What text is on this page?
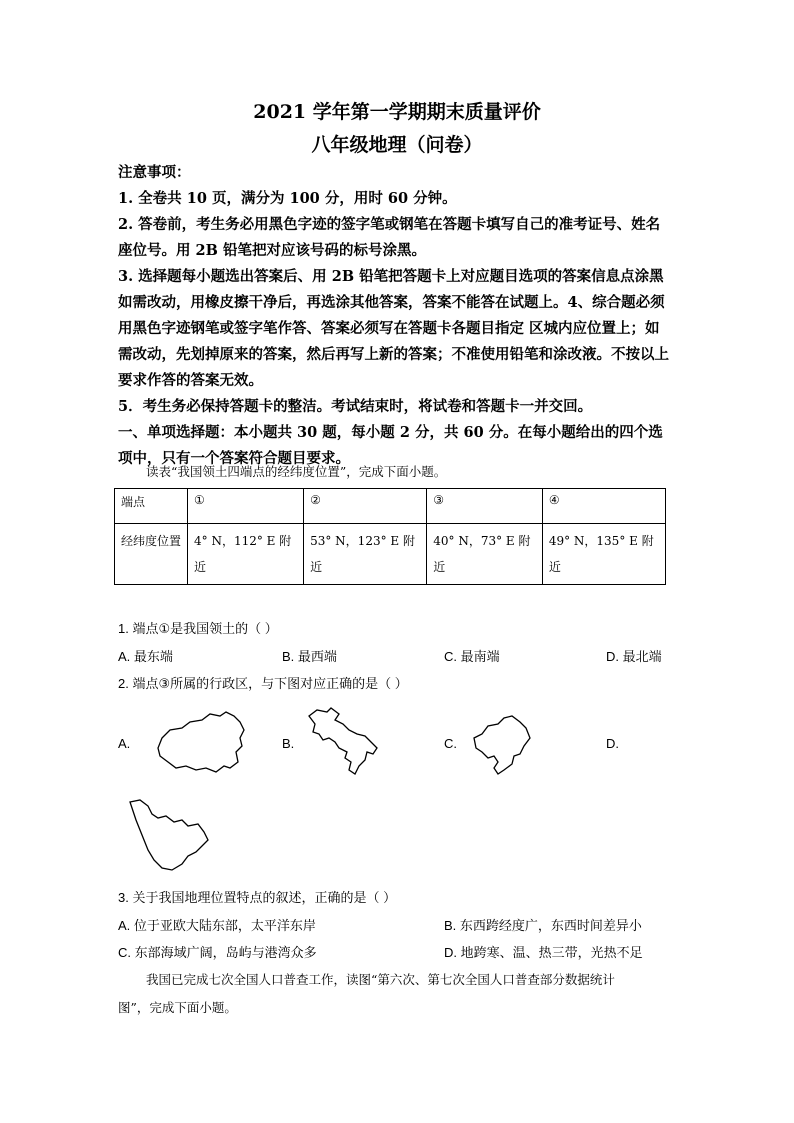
2021 学年第一学期期末质量评价
八年级地理（问卷）

注意事项：

1. 全卷共 10 页，满分为 100 分，用时 60 分钟。

2. 答卷前，考生务必用黑色字迹的签字笔或钢笔在答题卡填写自己的准考证号、姓名座位号。用 2B 铅笔把对应该号码的标号涂黑。

3. 选择题每小题选出答案后、用 2B 铅笔把答题卡上对应题目选项的答案信息点涂黑如需改动，用橡皮擦干净后，再选涂其他答案，答案不能答在试题上。4、综合题必须用黑色字迹钢笔或签字笔作答、答案必须写在答题卡各题目指定 区城内应位置上；如需改动，先划掉原来的答案，然后再写上新的答案；不准使用铅笔和涂改液。不按以上要求作答的答案无效。

5．考生务必保持答题卡的整洁。考试结束时，将试卷和答题卡一并交回。

一、单项选择题：本小题共 30 题，每小题 2 分，共 60 分。在每小题给出的四个选项中，只有一个答案符合题目要求。

读表“我国领土四端点的经纬度位置”，完成下面小题。
端点	①	②	③	④
经纬度位置	4° N，112° E 附近	53° N，123° E 附近	40° N，73° E 附近	49° N，135° E 附近
1. 端点①是我国领土的（ ）
A. 最东端	B. 最西端	C. 最南端	D. 最北端
2. 端点③所属的行政区，与下图对应正确的是（ ）
A.	B.	C.	D.
3. 关于我国地理位置特点的叙述，正确的是（ ）
A. 位于亚欧大陆东部，太平洋东岸	B. 东西跨经度广，东西时间差异小
C. 东部海域广阔，岛屿与港湾众多	D. 地跨寒、温、热三带，光热不足
我国已完成七次全国人口普查工作，读图“第六次、第七次全国人口普查部分数据统计
图”，完成下面小题。
